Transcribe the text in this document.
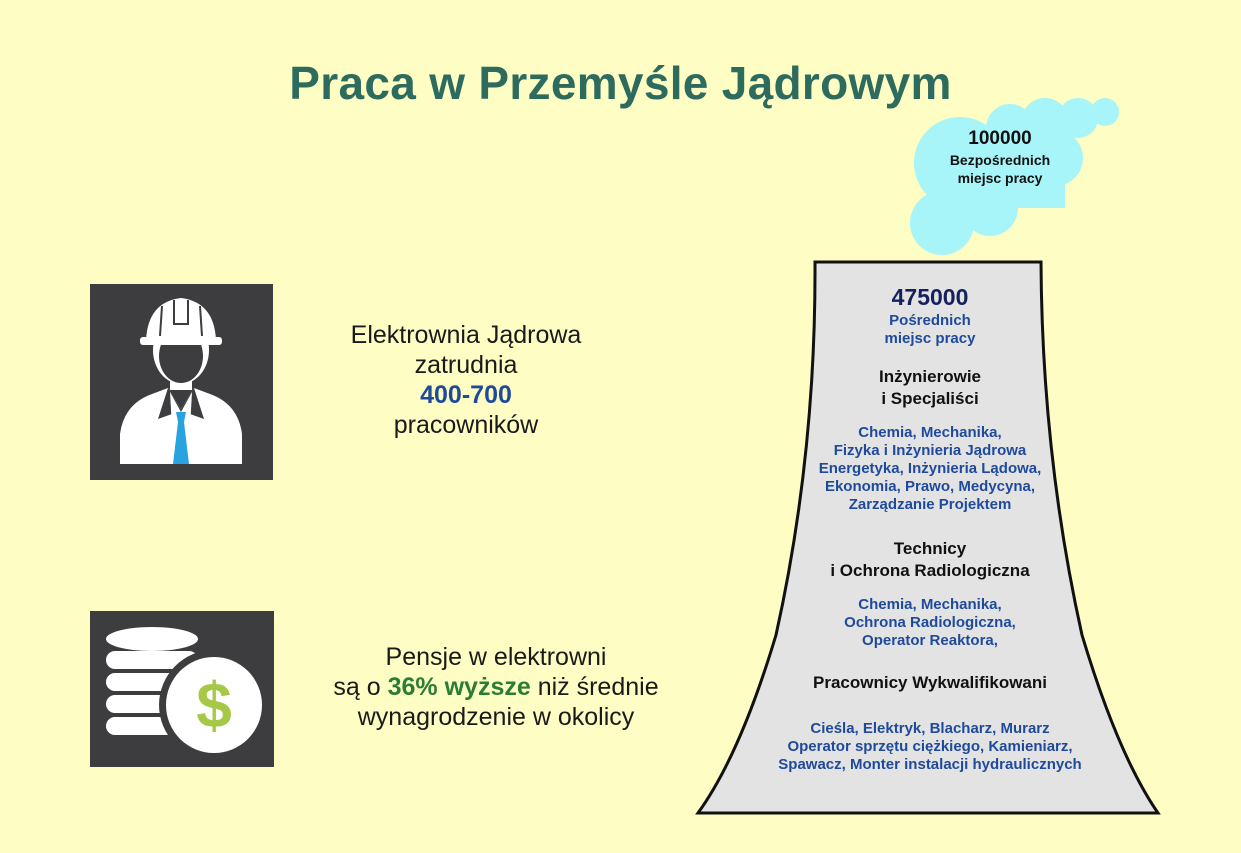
Praca w Przemyśle Jądrowym
Elektrownia Jądrowa
zatrudnia
400-700
pracowników
$
Pensje w elektrowni
są o 36% wyższe niż średnie
wynagrodzenie w okolicy
100000
Bezpośrednich
miejsc pracy
475000
Pośrednich
miejsc pracy
Inżynierowie
i Specjaliści
Chemia, Mechanika,
Fizyka i Inżynieria Jądrowa
Energetyka, Inżynieria Lądowa,
Ekonomia, Prawo, Medycyna,
Zarządzanie Projektem
Technicy
i Ochrona Radiologiczna
Chemia, Mechanika,
Ochrona Radiologiczna,
Operator Reaktora,
Pracownicy Wykwalifikowani
Cieśla, Elektryk, Blacharz, Murarz
Operator sprzętu ciężkiego, Kamieniarz,
Spawacz, Monter instalacji hydraulicznych
